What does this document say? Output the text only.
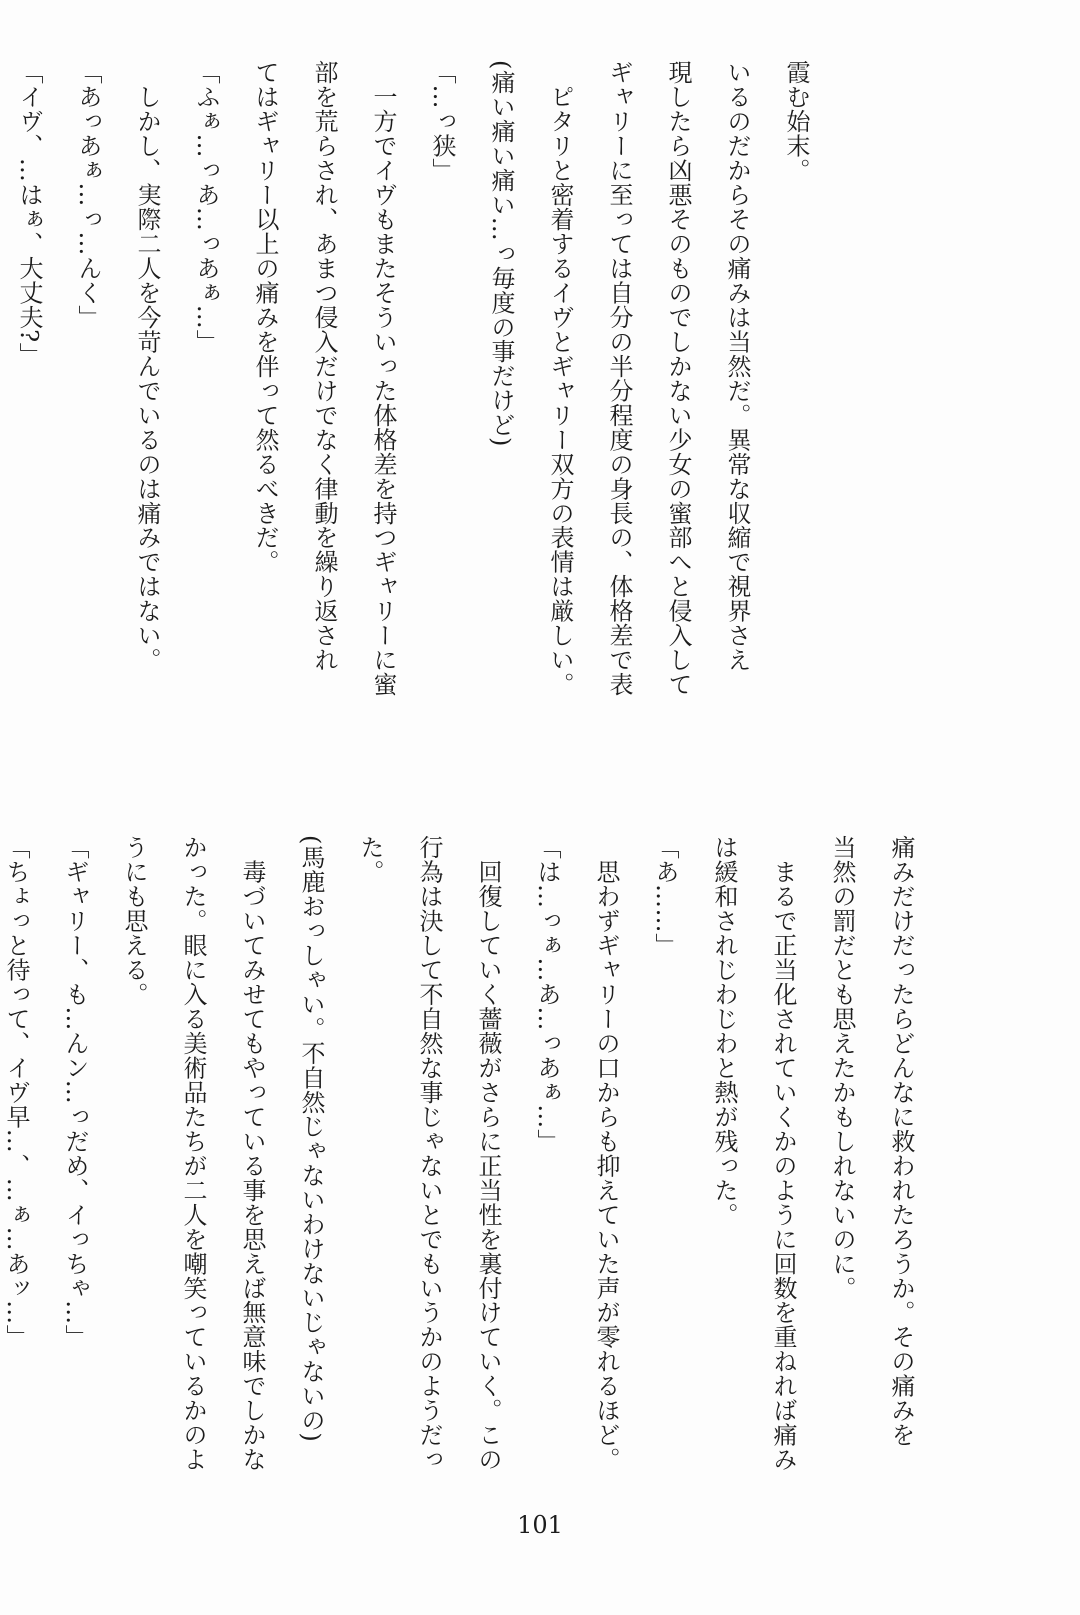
霞む始末。
いるのだからその痛みは当然だ。異常な収縮で視界さえ
現したら凶悪そのものでしかない少女の蜜部へと侵入して
ギャリーに至っては自分の半分程度の身長の、体格差で表
　ピタリと密着するイヴとギャリー双方の表情は厳しい。
(痛い痛い痛い…っ毎度の事だけど)
「…っ狭」
　一方でイヴもまたそういった体格差を持つギャリーに蜜
部を荒らされ、あまつ侵入だけでなく律動を繰り返され
てはギャリー以上の痛みを伴って然るべきだ。
「ふぁ…っあ…っあぁ…」
　しかし、実際二人を今苛んでいるのは痛みではない。
「あっあぁ…っ…んく」
「イヴ、…はぁ、大丈夫?」
痛みだけだったらどんなに救われたろうか。その痛みを
当然の罰だとも思えたかもしれないのに。
　まるで正当化されていくかのように回数を重ねれば痛み
は緩和されじわじわと熱が残った。
「あ……」
　思わずギャリーの口からも抑えていた声が零れるほど。
「は…っぁ…あ…っあぁ…」
　回復していく薔薇がさらに正当性を裏付けていく。この
行為は決して不自然な事じゃないとでもいうかのようだっ
た。
(馬鹿おっしゃい。不自然じゃないわけないじゃないの)
　毒づいてみせてもやっている事を思えば無意味でしかな
かった。眼に入る美術品たちが二人を嘲笑っているかのよ
うにも思える。
「ギャリー、も…んン…っだめ、イっちゃ…」
「ちょっと待って、イヴ早…、…ぁ…あッ…」
101
